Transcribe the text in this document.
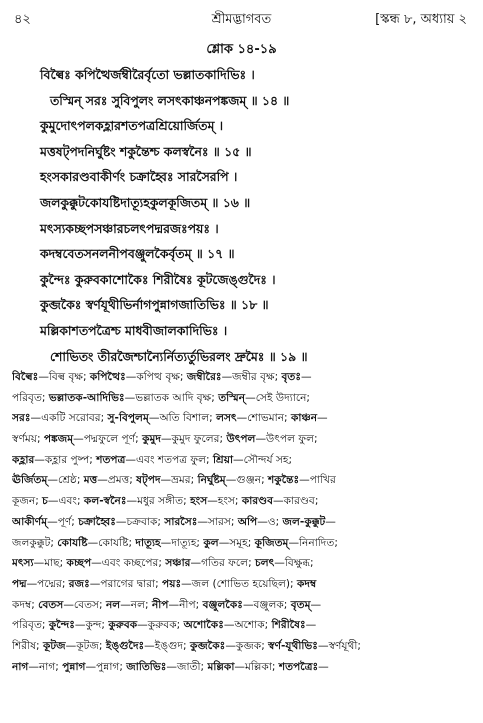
৪২	শ্রীমদ্ভাগবত	[স্কন্ধ ৮, অধ্যায় ২
শ্লোক ১৪-১৯
বিল্বৈঃ কপিত্থৈর্জম্বীরৈর্বৃতো ভল্লাতকাদিভিঃ ।
তস্মিন্ সরঃ সুবিপুলং লসৎকাঞ্চনপঙ্কজম্ ॥ ১৪ ॥
কুমুদোৎপলকহ্লারশতপত্রশ্রিয়োর্জিতম্ ।
মত্তষট্পদনির্ঘুষ্টং শকুন্তৈশ্চ কলস্বনৈঃ ॥ ১৫ ॥
হংসকারণ্ডবাকীর্ণং চক্রাহ্বৈঃ সারসৈরপি ।
জলকুক্কুটকোযষ্টিদাত্যূহকুলকূজিতম্ ॥ ১৬ ॥
মৎস্যকচ্ছপসঞ্চারচলৎপদ্মরজঃপয়ঃ ।
কদম্ববেতসনলনীপবঞ্জুলকৈর্বৃতম্ ॥ ১৭ ॥
কুন্দৈঃ কুরুবকাশোকৈঃ শিরীষৈঃ কূটজেঙ্গুদৈঃ ।
কুব্জকৈঃ স্বর্ণযূথীভির্নাগপুন্নাগজাতিভিঃ ॥ ১৮ ॥
মল্লিকাশতপত্রৈশ্চ মাধবীজালকাদিভিঃ ।
শোভিতং তীরজৈশ্চান্যৈর্নিত্যর্তুভিরলং দ্রুমৈঃ ॥ ১৯ ॥
বিল্বৈঃ—বিল্ব বৃক্ষ; কপিত্থৈঃ—কপিত্থ বৃক্ষ; জম্বীরৈঃ—জম্বীর বৃক্ষ; বৃতঃ—
পরিবৃত; ভল্লাতক-আদিভিঃ—ভল্লাতক আদি বৃক্ষ; তস্মিন্—সেই উদ্যানে;
সরঃ—একটি সরোবর; সু-বিপুলম্—অতি বিশাল; লসৎ—শোভমান; কাঞ্চন—
স্বর্ণময়; পঙ্কজম্—পদ্মফুলে পূর্ণ; কুমুদ—কুমুদ ফুলের; উৎপল—উৎপল ফুল;
কহ্লার—কহ্লার পুষ্প; শতপত্র—এবং শতপত্র ফুল; শ্রিয়া—সৌন্দর্য সহ;
ঊর্জিতম্—শ্রেষ্ঠ; মত্ত—প্রমত্ত; ষট্পদ—ভ্রমর; নির্ঘুষ্টম্—গুঞ্জন; শকুন্তৈঃ—পাখির
কূজন; চ—এবং; কল-স্বনৈঃ—মধুর সঙ্গীত; হংস—হংস; কারণ্ডব—কারণ্ডব;
আকীর্ণম্—পূর্ণ; চক্রাহ্বৈঃ—চক্রবাক; সারসৈঃ—সারস; অপি—ও; জল-কুক্কুট—
জলকুক্কুট; কোযষ্টি—কোযষ্টি; দাত্যূহ—দাত্যূহ; কুল—সমূহ; কূজিতম্—নিনাদিত;
মৎস্য—মাছ; কচ্ছপ—এবং কচ্ছপের; সঞ্চার—গতির ফলে; চলৎ—বিক্ষুব্ধ;
পদ্ম—পদ্মের; রজঃ—পরাগের দ্বারা; পয়ঃ—জল (শোভিত হয়েছিল); কদম্ব
কদম্ব; বেতস—বেতস; নল—নল; নীপ—নীপ; বঞ্জুলকৈঃ—বঞ্জুলক; বৃতম্—
পরিবৃত; কুন্দৈঃ—কুন্দ; কুরুবক—কুরুবক; অশোকৈঃ—অশোক; শিরীষৈঃ—
শিরীষ; কূটজ—কূটজ; ইঙ্গুদৈঃ—ইঙ্গুদ; কুব্জকৈঃ—কুব্জক; স্বর্ণ-যূথীভিঃ—স্বর্ণযূথী;
নাগ—নাগ; পুন্নাগ—পুন্নাগ; জাতিভিঃ—জাতী; মল্লিকা—মল্লিকা; শতপত্রৈঃ—
